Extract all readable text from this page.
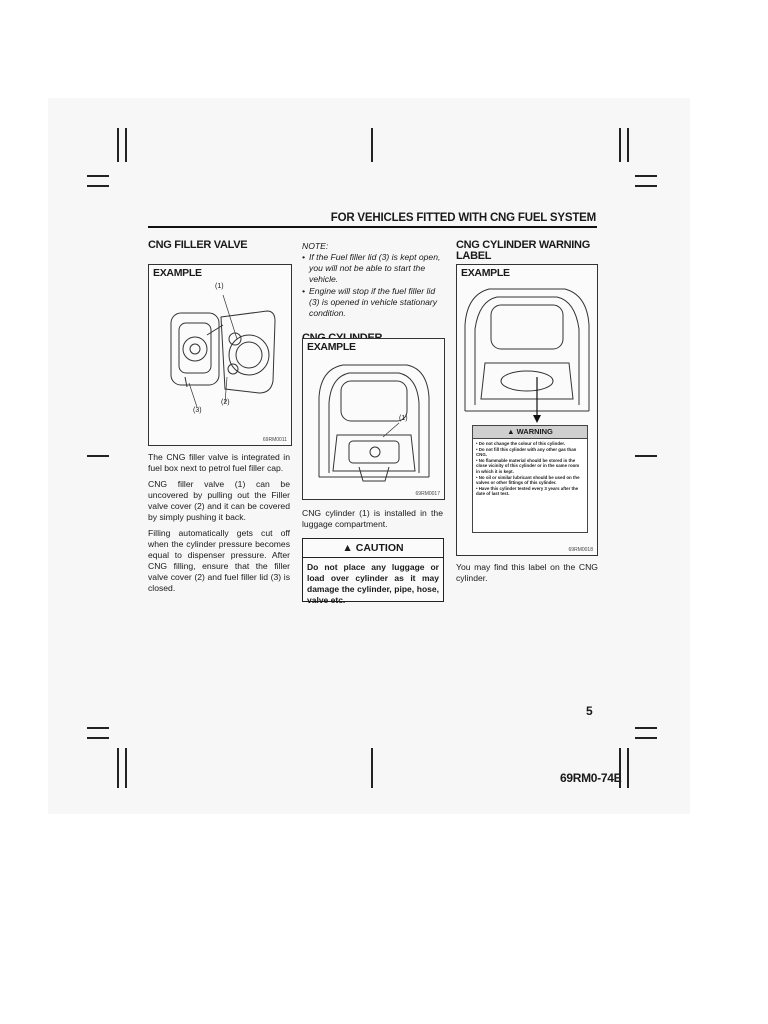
FOR VEHICLES FITTED WITH CNG FUEL SYSTEM
CNG FILLER VALVE
EXAMPLE
(1)
(2)
(3)
69RM0011

The CNG filler valve is integrated in fuel box next to petrol fuel filler cap.

CNG filler valve (1) can be uncovered by pulling out the Filler valve cover (2) and it can be covered by simply pushing it back.

Filling automatically gets cut off when the cylinder pressure becomes equal to dispenser pressure. After CNG filling, ensure that the filler valve cover (2) and fuel filler lid (3) is closed.

NOTE:
• If the Fuel filler lid (3) is kept open, you will not be able to start the vehicle.
• Engine will stop if the fuel filler lid (3) is opened in vehicle stationary condition.
EXAMPLE
(1)
69RM0017

CNG cylinder (1) is installed in the luggage compartment.

▲ CAUTION
Do not place any luggage or load over cylinder as it may damage the cylinder, pipe, hose, valve etc.
CNG CYLINDER WARNING LABEL
EXAMPLE
▲ WARNING
• Do not change the colour of this cylinder.
• Do not fill this cylinder with any other gas than CNG.
• No flammable material should be stored in the close vicinity of this cylinder or in the same room in which it is kept.
• No oil or similar lubricant should be used on the valves or other fittings of this cylinder.
• Have this cylinder tested every 3 years after the date of last test.
69RM0018

You may find this label on the CNG cylinder.

5
69RM0-74E
